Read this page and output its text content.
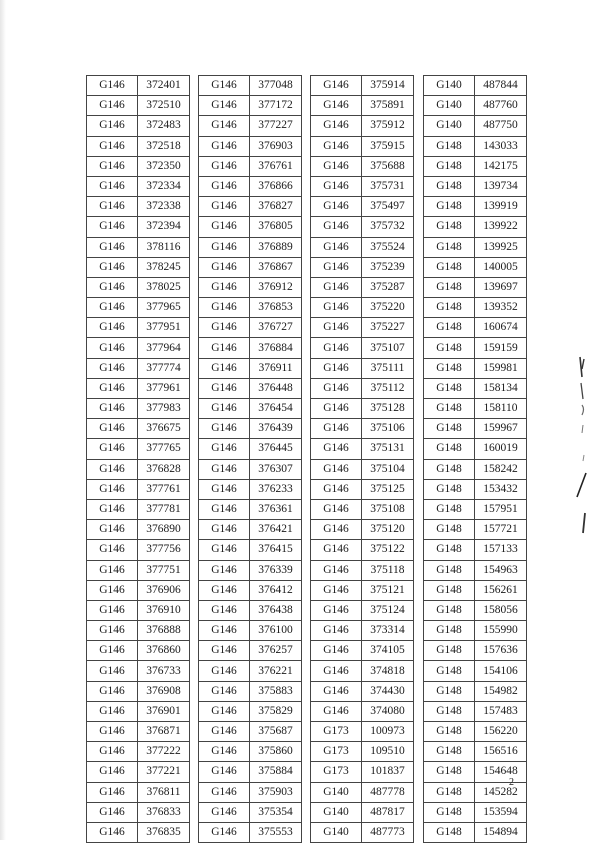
G146	372401
G146	372510
G146	372483
G146	372518
G146	372350
G146	372334
G146	372338
G146	372394
G146	378116
G146	378245
G146	378025
G146	377965
G146	377951
G146	377964
G146	377774
G146	377961
G146	377983
G146	376675
G146	377765
G146	376828
G146	377761
G146	377781
G146	376890
G146	377756
G146	377751
G146	376906
G146	376910
G146	376888
G146	376860
G146	376733
G146	376908
G146	376901
G146	376871
G146	377222
G146	377221
G146	376811
G146	376833
G146	376835
G146	377048
G146	377172
G146	377227
G146	376903
G146	376761
G146	376866
G146	376827
G146	376805
G146	376889
G146	376867
G146	376912
G146	376853
G146	376727
G146	376884
G146	376911
G146	376448
G146	376454
G146	376439
G146	376445
G146	376307
G146	376233
G146	376361
G146	376421
G146	376415
G146	376339
G146	376412
G146	376438
G146	376100
G146	376257
G146	376221
G146	375883
G146	375829
G146	375687
G146	375860
G146	375884
G146	375903
G146	375354
G146	375553
G146	375914
G146	375891
G146	375912
G146	375915
G146	375688
G146	375731
G146	375497
G146	375732
G146	375524
G146	375239
G146	375287
G146	375220
G146	375227
G146	375107
G146	375111
G146	375112
G146	375128
G146	375106
G146	375131
G146	375104
G146	375125
G146	375108
G146	375120
G146	375122
G146	375118
G146	375121
G146	375124
G146	373314
G146	374105
G146	374818
G146	374430
G146	374080
G173	100973
G173	109510
G173	101837
G140	487778
G140	487817
G140	487773
G140	487844
G140	487760
G140	487750
G148	143033
G148	142175
G148	139734
G148	139919
G148	139922
G148	139925
G148	140005
G148	139697
G148	139352
G148	160674
G148	159159
G148	159981
G148	158134
G148	158110
G148	159967
G148	160019
G148	158242
G148	153432
G148	157951
G148	157721
G148	157133
G148	154963
G148	156261
G148	158056
G148	155990
G148	157636
G148	154106
G148	154982
G148	157483
G148	156220
G148	156516
G148	154648
G148	145282
G148	153594
G148	154894
2
